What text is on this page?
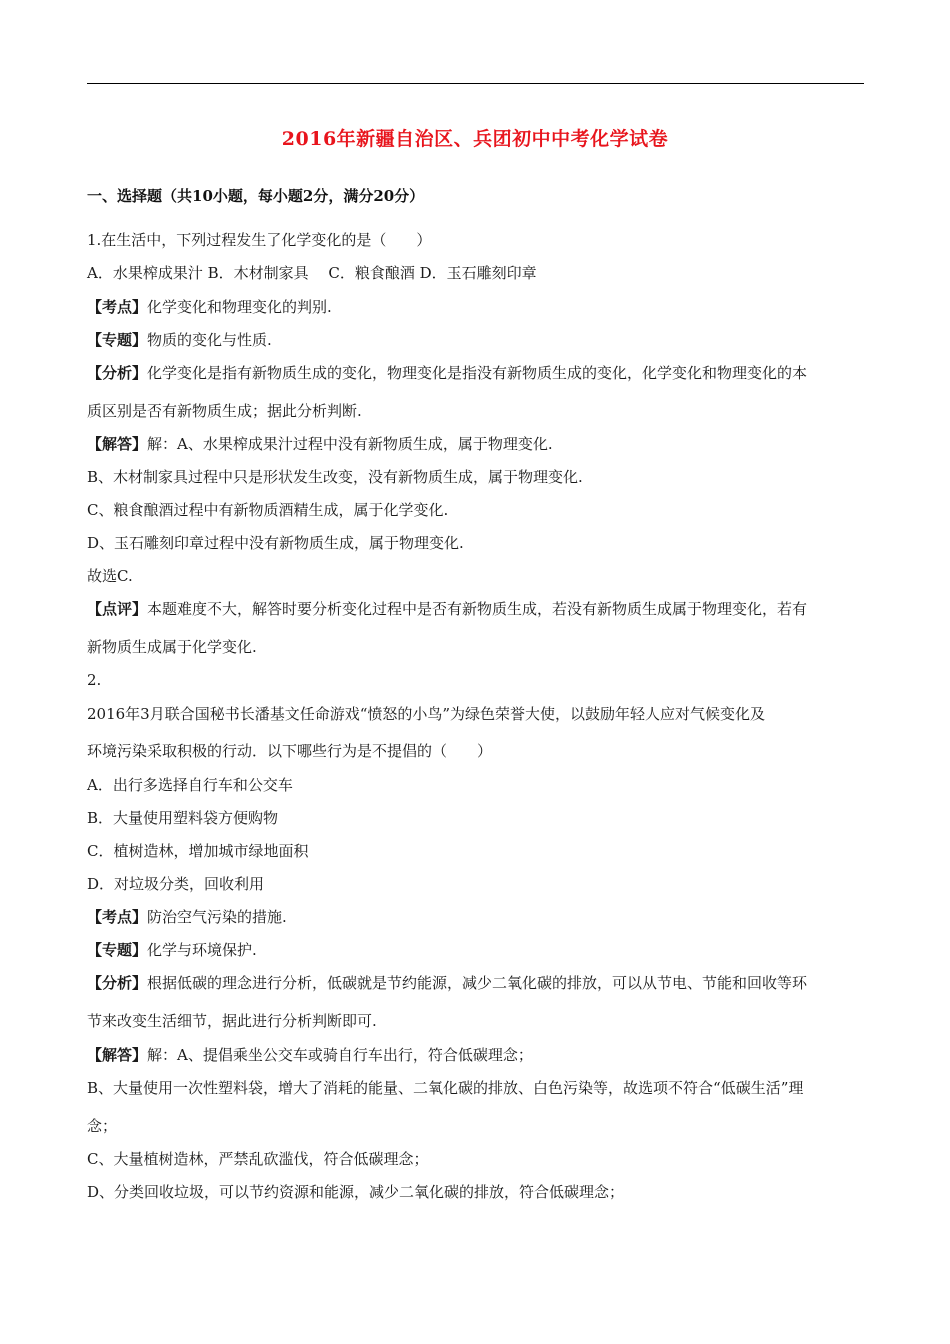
2016年新疆自治区、兵团初中中考化学试卷
一、选择题（共10小题，每小题2分，满分20分）
1.在生活中，下列过程发生了化学变化的是（　　）
A．水果榨成果汁 B．木材制家具　 C．粮食酿酒 D．玉石雕刻印章
【考点】化学变化和物理变化的判别.
【专题】物质的变化与性质.
【分析】化学变化是指有新物质生成的变化，物理变化是指没有新物质生成的变化，化学变化和物理变化的本
质区别是否有新物质生成；据此分析判断.
【解答】解：A、水果榨成果汁过程中没有新物质生成，属于物理变化.
B、木材制家具过程中只是形状发生改变，没有新物质生成，属于物理变化.
C、粮食酿酒过程中有新物质酒精生成，属于化学变化.
D、玉石雕刻印章过程中没有新物质生成，属于物理变化.
故选C.
【点评】本题难度不大，解答时要分析变化过程中是否有新物质生成，若没有新物质生成属于物理变化，若有
新物质生成属于化学变化.
2.
2016年3月联合国秘书长潘基文任命游戏“愤怒的小鸟”为绿色荣誉大使，以鼓励年轻人应对气候变化及
环境污染采取积极的行动．以下哪些行为是不提倡的（　　）
A．出行多选择自行车和公交车
B．大量使用塑料袋方便购物
C．植树造林，增加城市绿地面积
D．对垃圾分类，回收利用
【考点】防治空气污染的措施.
【专题】化学与环境保护.
【分析】根据低碳的理念进行分析，低碳就是节约能源，减少二氧化碳的排放，可以从节电、节能和回收等环
节来改变生活细节，据此进行分析判断即可.
【解答】解：A、提倡乘坐公交车或骑自行车出行，符合低碳理念；
B、大量使用一次性塑料袋，增大了消耗的能量、二氧化碳的排放、白色污染等，故选项不符合“低碳生活”理
念；
C、大量植树造林，严禁乱砍滥伐，符合低碳理念；
D、分类回收垃圾，可以节约资源和能源，减少二氧化碳的排放，符合低碳理念；
